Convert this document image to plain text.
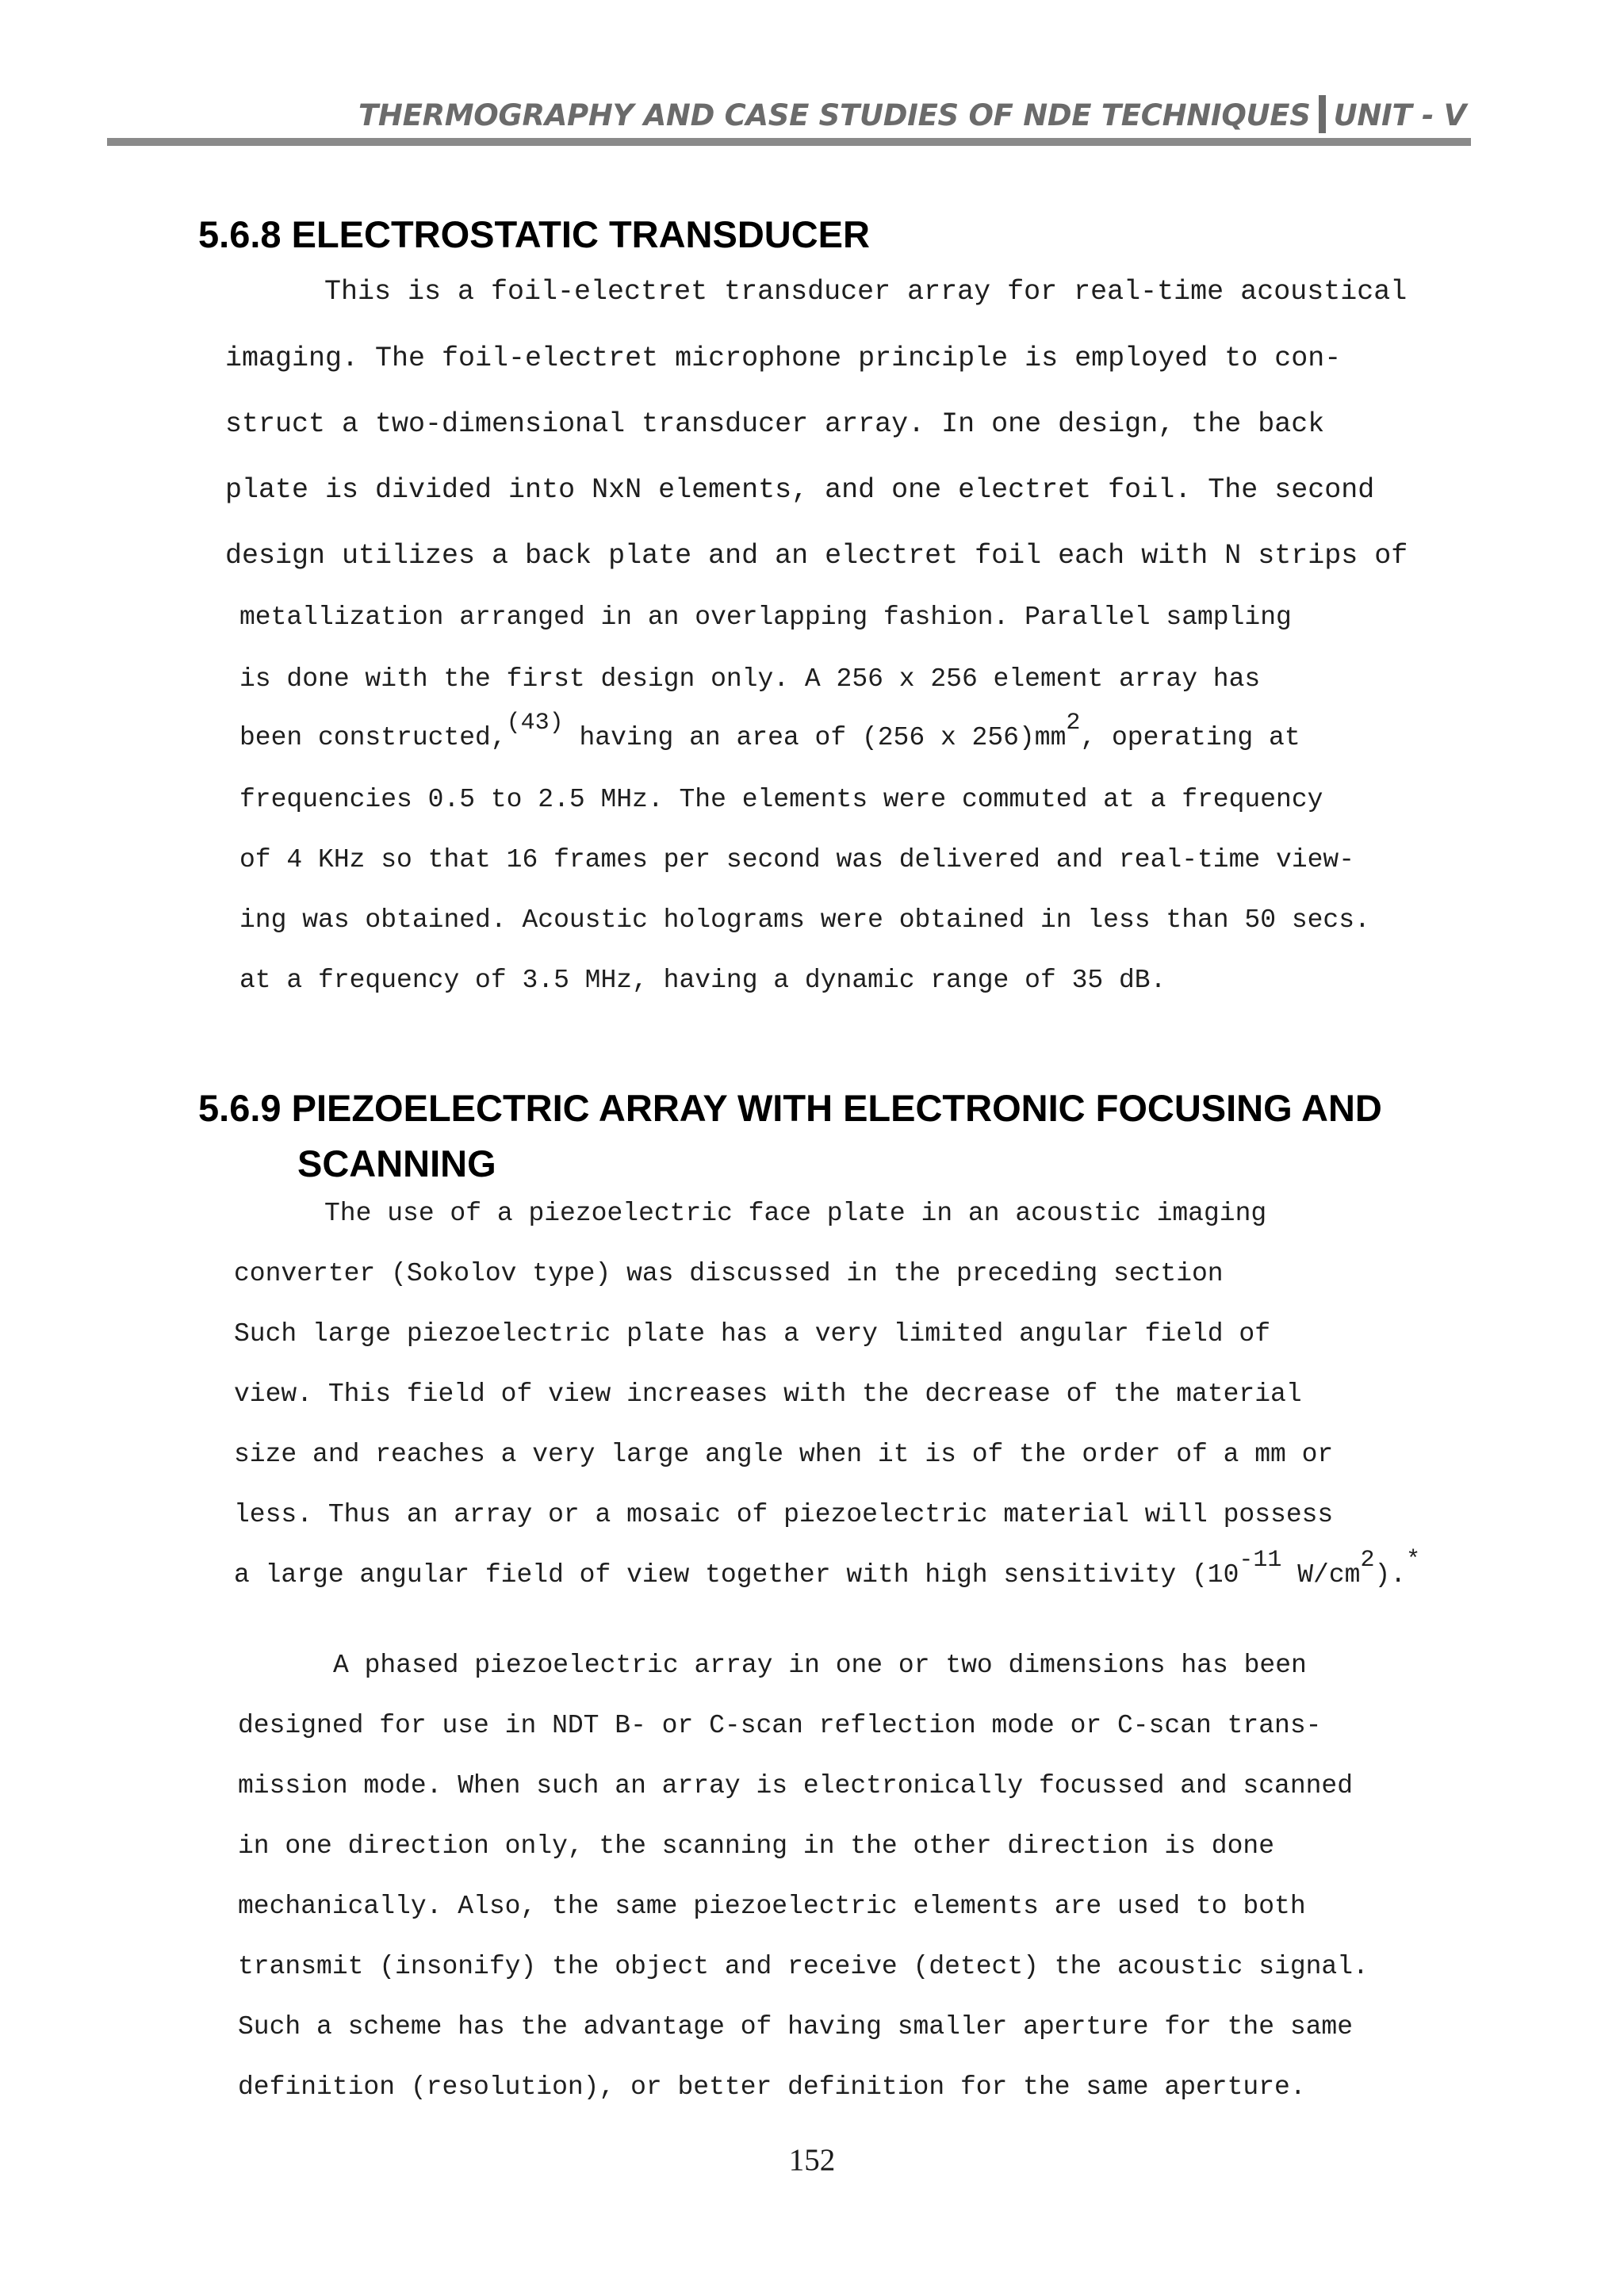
THERMOGRAPHY AND CASE STUDIES OF NDE TECHNIQUES UNIT - V
5.6.8 ELECTROSTATIC TRANSDUCER
This is a foil-electret transducer array for real-time acoustical
imaging. The foil-electret microphone principle is employed to con-
struct a two-dimensional transducer array. In one design, the back
plate is divided into NxN elements, and one electret foil. The second
design utilizes a back plate and an electret foil each with N strips of
metallization arranged in an overlapping fashion. Parallel sampling
is done with the first design only. A 256 x 256 element array has
been constructed,(43) having an area of (256 x 256)mm2, operating at
frequencies 0.5 to 2.5 MHz. The elements were commuted at a frequency
of 4 KHz so that 16 frames per second was delivered and real-time view-
ing was obtained. Acoustic holograms were obtained in less than 50 secs.
at a frequency of 3.5 MHz, having a dynamic range of 35 dB.
5.6.9 PIEZOELECTRIC ARRAY WITH ELECTRONIC FOCUSING AND
SCANNING
The use of a piezoelectric face plate in an acoustic imaging
converter (Sokolov type) was discussed in the preceding section
Such large piezoelectric plate has a very limited angular field of
view. This field of view increases with the decrease of the material
size and reaches a very large angle when it is of the order of a mm or
less. Thus an array or a mosaic of piezoelectric material will possess
a large angular field of view together with high sensitivity (10-11 W/cm2).*
A phased piezoelectric array in one or two dimensions has been
designed for use in NDT B- or C-scan reflection mode or C-scan trans-
mission mode. When such an array is electronically focussed and scanned
in one direction only, the scanning in the other direction is done
mechanically. Also, the same piezoelectric elements are used to both
transmit (insonify) the object and receive (detect) the acoustic signal.
Such a scheme has the advantage of having smaller aperture for the same
definition (resolution), or better definition for the same aperture.
152
